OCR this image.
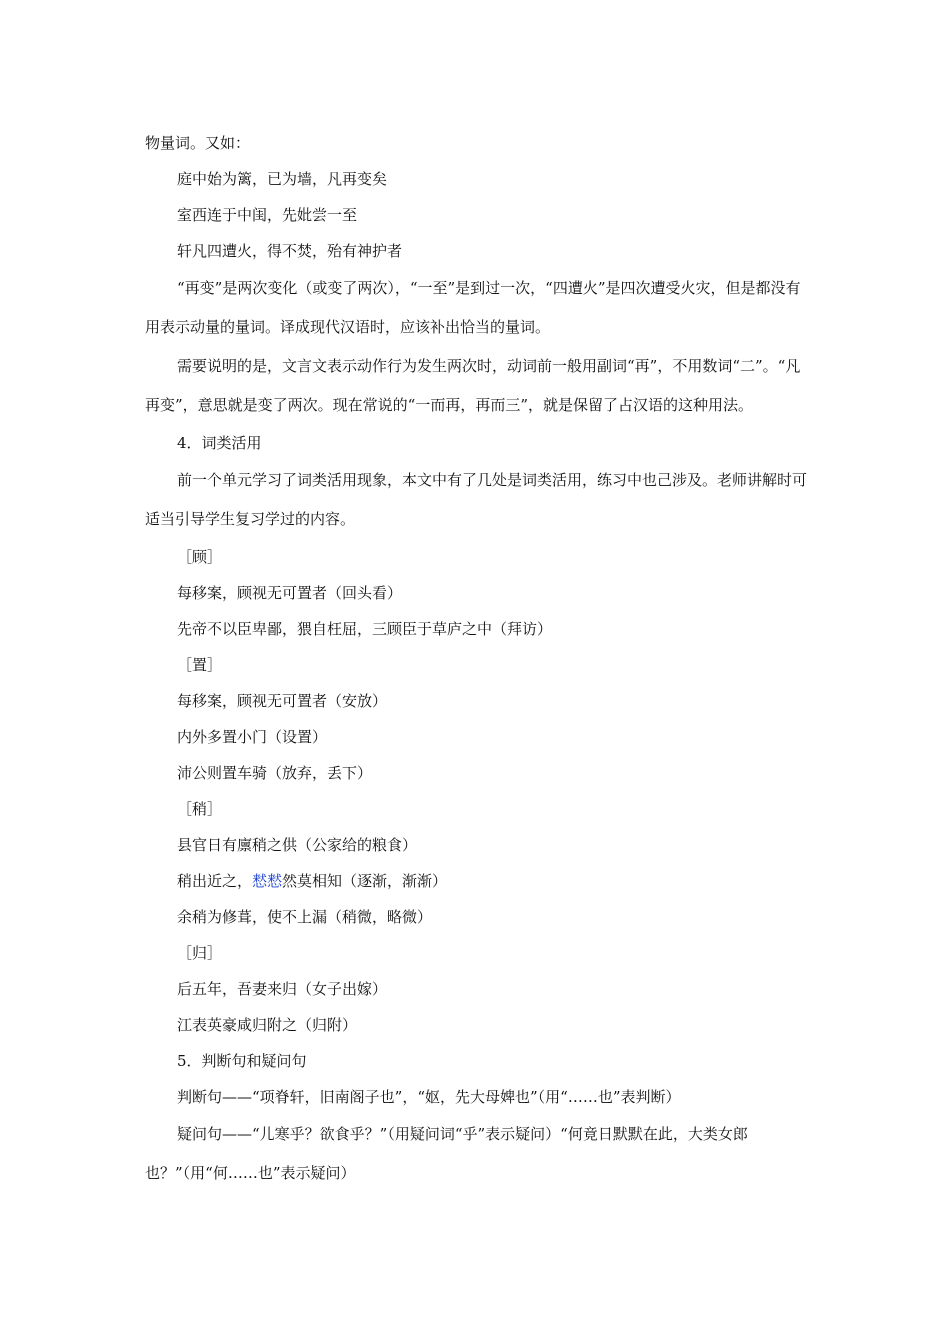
物量词。又如：

庭中始为篱，已为墙，凡再变矣

室西连于中闺，先妣尝一至

轩凡四遭火，得不焚，殆有神护者

“再变”是两次变化（或变了两次），“一至”是到过一次，“四遭火”是四次遭受火灾，但是都没有用表示动量的量词。译成现代汉语时，应该补出恰当的量词。

需要说明的是，文言文表示动作行为发生两次时，动词前一般用副词“再”，不用数词“二”。“凡再变”，意思就是变了两次。现在常说的“一而再，再而三”，就是保留了占汉语的这种用法。

4．词类活用

前一个单元学习了词类活用现象，本文中有了几处是词类活用，练习中也己涉及。老师讲解时可适当引导学生复习学过的内容。

［顾］

每移案，顾视无可置者（回头看）

先帝不以臣卑鄙，猥自枉屈，三顾臣于草庐之中（拜访）

［置］

每移案，顾视无可置者（安放）

内外多置小门（设置）

沛公则置车骑（放弃，丢下）

［稍］

县官日有廪稍之供（公家给的粮食）

稍出近之，慭慭然莫相知（逐渐，渐渐）

余稍为修葺，使不上漏（稍微，略微）

［归］

后五年，吾妻来归（女子出嫁）

江表英豪咸归附之（归附）

5．判断句和疑问句

判断句——“项脊轩，旧南阁子也”，“妪，先大母婢也”（用“……也”表判断）

疑问句——“儿寒乎？欲食乎？”（用疑问词“乎”表示疑问）“何竟日默默在此，大类女郎也？”（用“何……也”表示疑问）
